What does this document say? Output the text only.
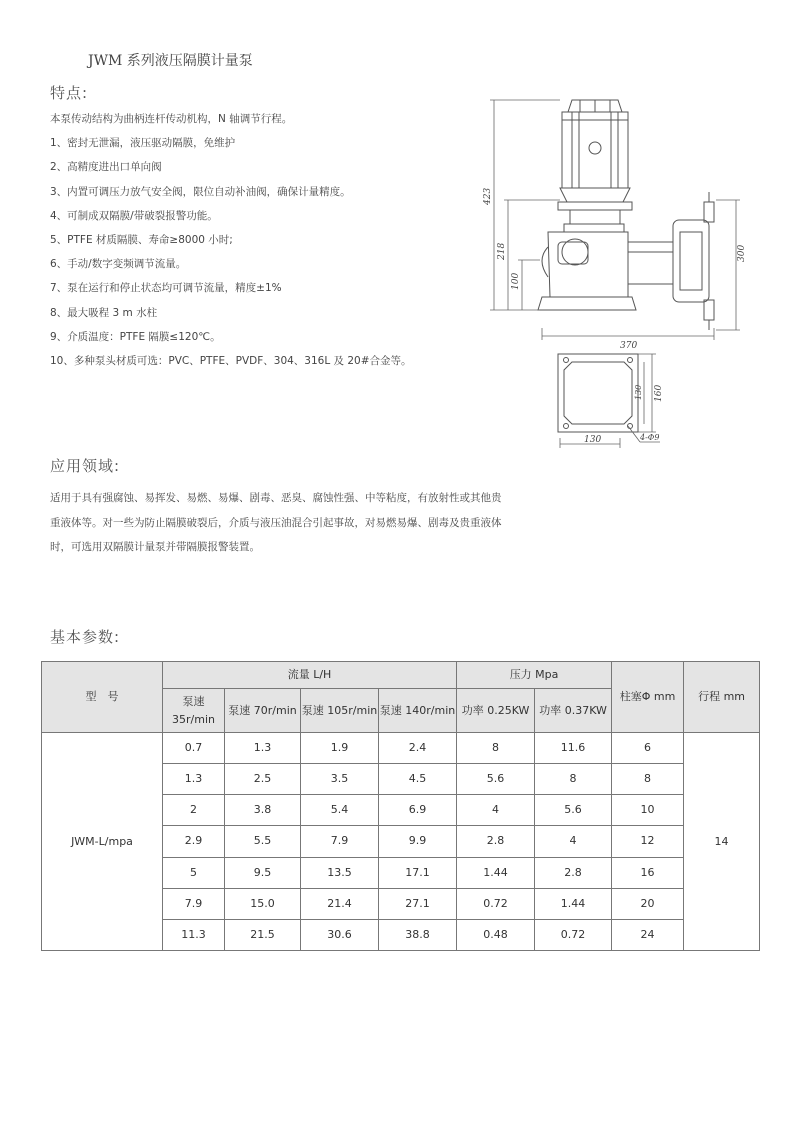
JWM 系列液压隔膜计量泵
特点:
本泵传动结构为曲柄连杆传动机构，N 轴调节行程。
1、密封无泄漏，液压驱动隔膜，免维护
2、高精度进出口单向阀
3、内置可调压力放气安全阀，限位自动补油阀，确保计量精度。
4、可制成双隔膜/带破裂报警功能。
5、PTFE 材质隔膜、寿命≥8000 小时;
6、手动/数字变频调节流量。
7、泵在运行和停止状态均可调节流量，精度±1%
8、最大吸程 3 m 水柱
9、介质温度：PTFE 隔膜≤120℃。
10、多种泵头材质可选：PVC、PTFE、PVDF、304、316L 及 20#合金等。
423
218
100
300
370
130 160
130	4-Φ9
应用领域:

适用于具有强腐蚀、易挥发、易燃、易爆、剧毒、恶臭、腐蚀性强、中等粘度，有放射性或其他贵重液体等。对一些为防止隔膜破裂后，介质与液压油混合引起事故，对易燃易爆、剧毒及贵重液体时，可选用双隔膜计量泵并带隔膜报警装置。

基本参数:
型　号	流量 L/H				压力 Mpa		柱塞Φ mm	行程 mm
	泵速 35r/min	泵速 70r/min	泵速 105r/min	泵速 140r/min	功率 0.25KW	功率 0.37KW		
JWM-L/mpa	0.7	1.3	1.9	2.4	8	11.6	6	14
	1.3	2.5	3.5	4.5	5.6	8	8	
	2	3.8	5.4	6.9	4	5.6	10	
	2.9	5.5	7.9	9.9	2.8	4	12	
	5	9.5	13.5	17.1	1.44	2.8	16	
	7.9	15.0	21.4	27.1	0.72	1.44	20	
	11.3	21.5	30.6	38.8	0.48	0.72	24	
